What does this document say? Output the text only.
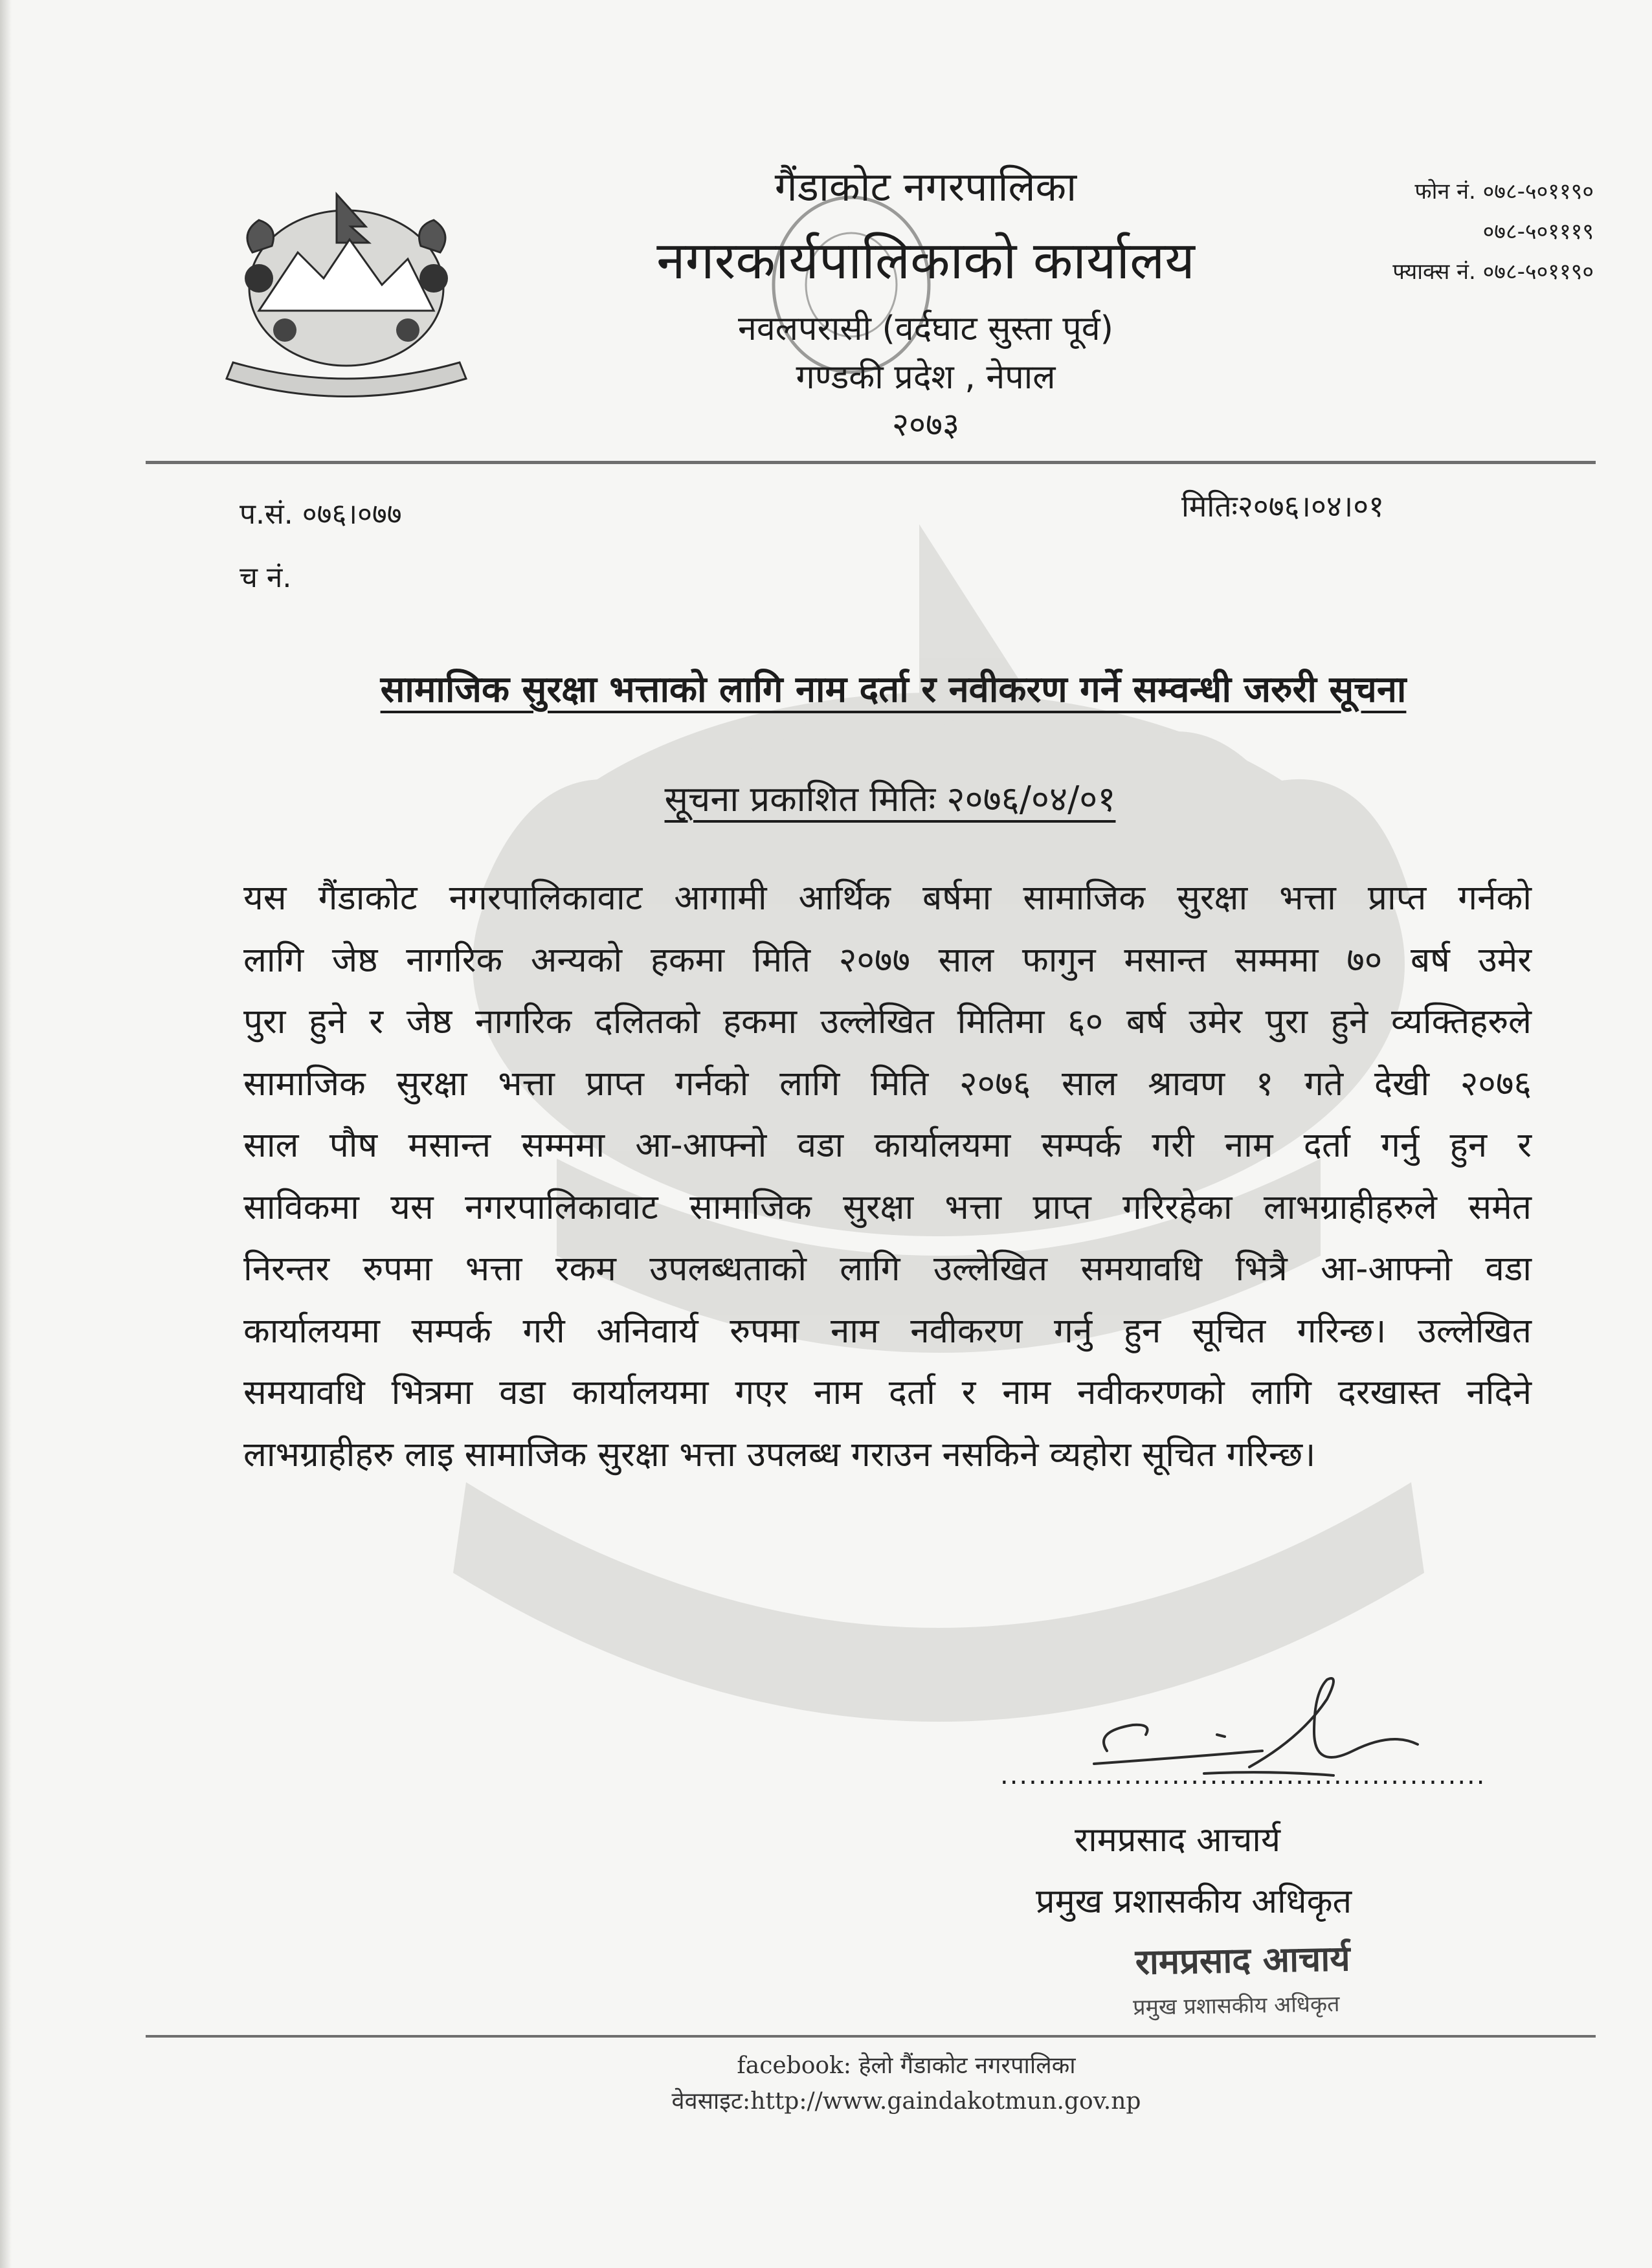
गैंडाकोट नगरपालिका
नगरकार्यपालिकाको कार्यालय
नवलपरासी (वर्दघाट सुस्ता पूर्व)
गण्डकी प्रदेश , नेपाल
२०७३
फोन नं. ०७८-५०११९०
०७८-५०१११९
फ्याक्स नं. ०७८-५०११९०
प.सं. ०७६।०७७
च नं.
मितिः२०७६।०४।०१
सामाजिक सुरक्षा भत्ताको लागि नाम दर्ता र नवीकरण गर्ने सम्वन्धी जरुरी सूचना
सूचना प्रकाशित मितिः २०७६/०४/०१
यस गैंडाकोट नगरपालिकावाट आगामी आर्थिक बर्षमा सामाजिक सुरक्षा भत्ता प्राप्त गर्नको
लागि जेष्ठ नागरिक अन्यको हकमा मिति २०७७ साल फागुन मसान्त सम्ममा ७० बर्ष उमेर
पुरा हुने र जेष्ठ नागरिक दलितको हकमा उल्लेखित मितिमा ६० बर्ष उमेर पुरा हुने व्यक्तिहरुले
सामाजिक सुरक्षा भत्ता प्राप्त गर्नको लागि मिति २०७६ साल श्रावण १ गते देखी २०७६
साल पौष मसान्त सम्ममा आ-आफ्नो वडा कार्यालयमा सम्पर्क गरी नाम दर्ता गर्नु हुन र
साविकमा यस नगरपालिकावाट सामाजिक सुरक्षा भत्ता प्राप्त गरिरहेका लाभग्राहीहरुले समेत
निरन्तर रुपमा भत्ता रकम उपलब्धताको लागि उल्लेखित समयावधि भित्रै आ-आफ्नो वडा
कार्यालयमा सम्पर्क गरी अनिवार्य रुपमा नाम नवीकरण गर्नु हुन सूचित गरिन्छ। उल्लेखित
समयावधि भित्रमा वडा कार्यालयमा गएर नाम दर्ता र नाम नवीकरणको लागि दरखास्त नदिने
लाभग्राहीहरु लाइ सामाजिक सुरक्षा भत्ता उपलब्ध गराउन नसकिने व्यहोरा सूचित गरिन्छ।
...................................................
रामप्रसाद आचार्य
प्रमुख प्रशासकीय अधिकृत
रामप्रसाद आचार्य
प्रमुख प्रशासकीय अधिकृत
facebook: हेलो गैंडाकोट नगरपालिका
वेवसाइट:http://www.gaindakotmun.gov.np
